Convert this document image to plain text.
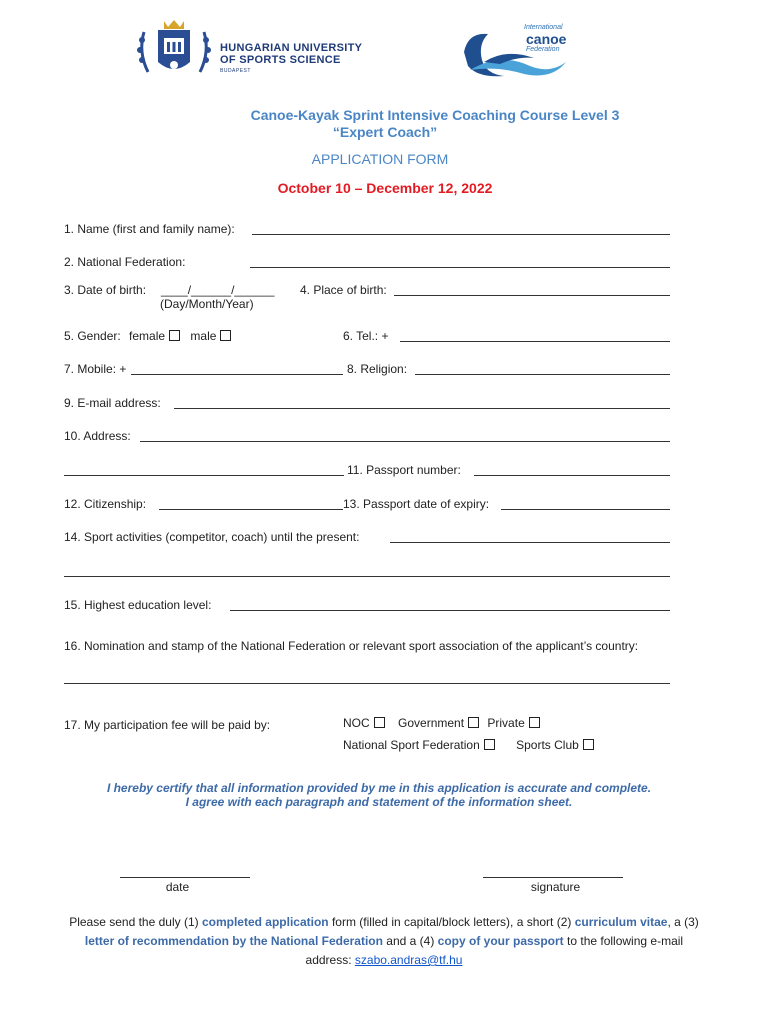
HUNGARIAN UNIVERSITY
OF SPORTS SCIENCE
BUDAPEST
International
canoe
Federation
Canoe-Kayak Sprint Intensive Coaching Course Level 3
“Expert Coach”
APPLICATION FORM
October 10 – December 12, 2022
1. Name (first and family name):
2. National Federation:
3. Date of birth: ____/______/______
(Day/Month/Year)
4. Place of birth:
5. Gender: female male	6. Tel.: +
7. Mobile: +	8. Religion:
9. E-mail address:
10. Address:
11. Passport number:
12. Citizenship:	13. Passport date of expiry:
14. Sport activities (competitor, coach) until the present:
15. Highest education level:
16. Nomination and stamp of the National Federation or relevant sport association of the applicant’s country:
17. My participation fee will be paid by:	NOC Government Private
National Sport Federation	Sports Club
I hereby certify that all information provided by me in this application is accurate and complete.
I agree with each paragraph and statement of the information sheet.
date	signature
Please send the duly (1) completed application form (filled in capital/block letters), a short (2) curriculum vitae, a (3) letter of recommendation by the National Federation and a (4) copy of your passport to the following e-mail address: szabo.andras@tf.hu
